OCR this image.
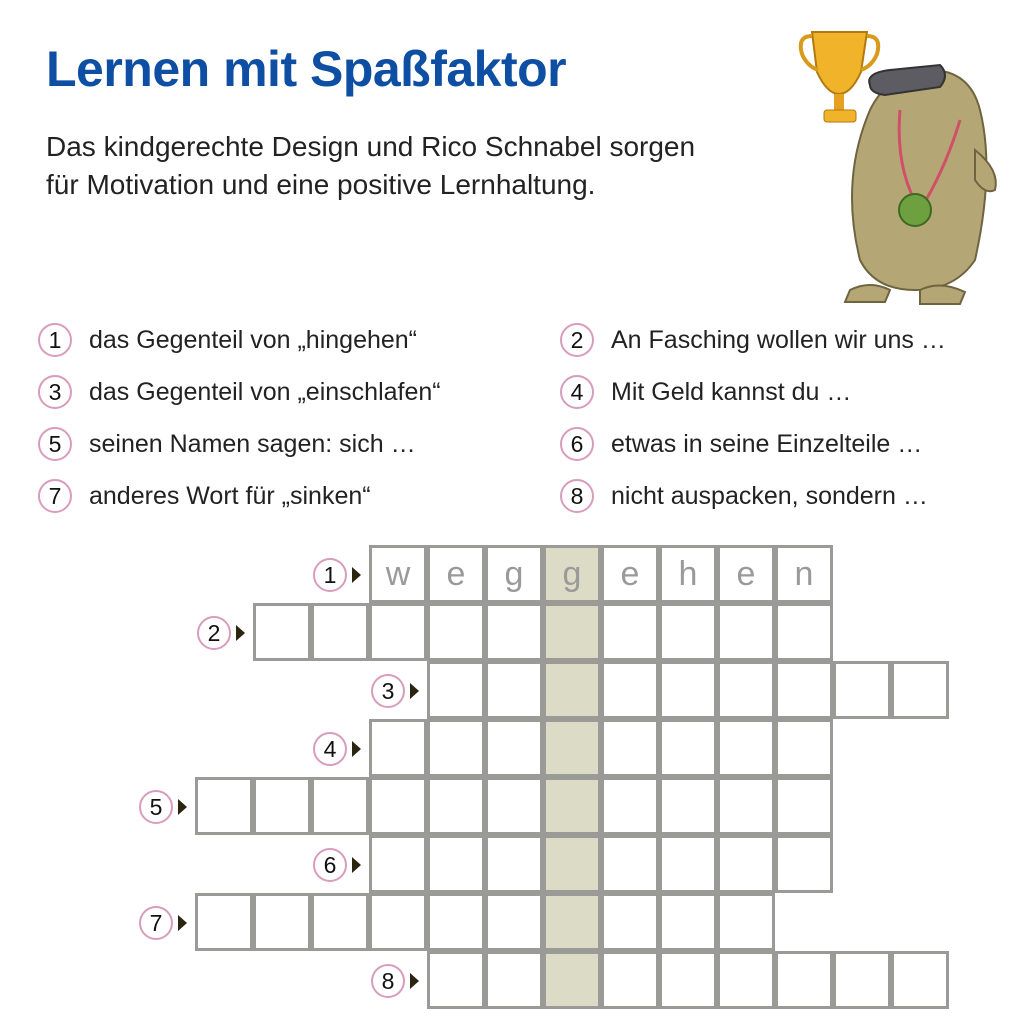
Lernen mit Spaßfaktor
Das kindgerechte Design und Rico Schnabel sorgen für Motivation und eine positive Lernhaltung.
1	das Gegenteil von „hingehen“	2	An Fasching wollen wir uns …
3	das Gegenteil von „einschlafen“	4	Mit Geld kannst du …
5	seinen Namen sagen: sich …	6	etwas in seine Einzelteile …
7	anderes Wort für „sinken“	8	nicht auspacken, sondern …
1	w	e	g	g	e	h	e	n
2
3
4
5
6
7
8
